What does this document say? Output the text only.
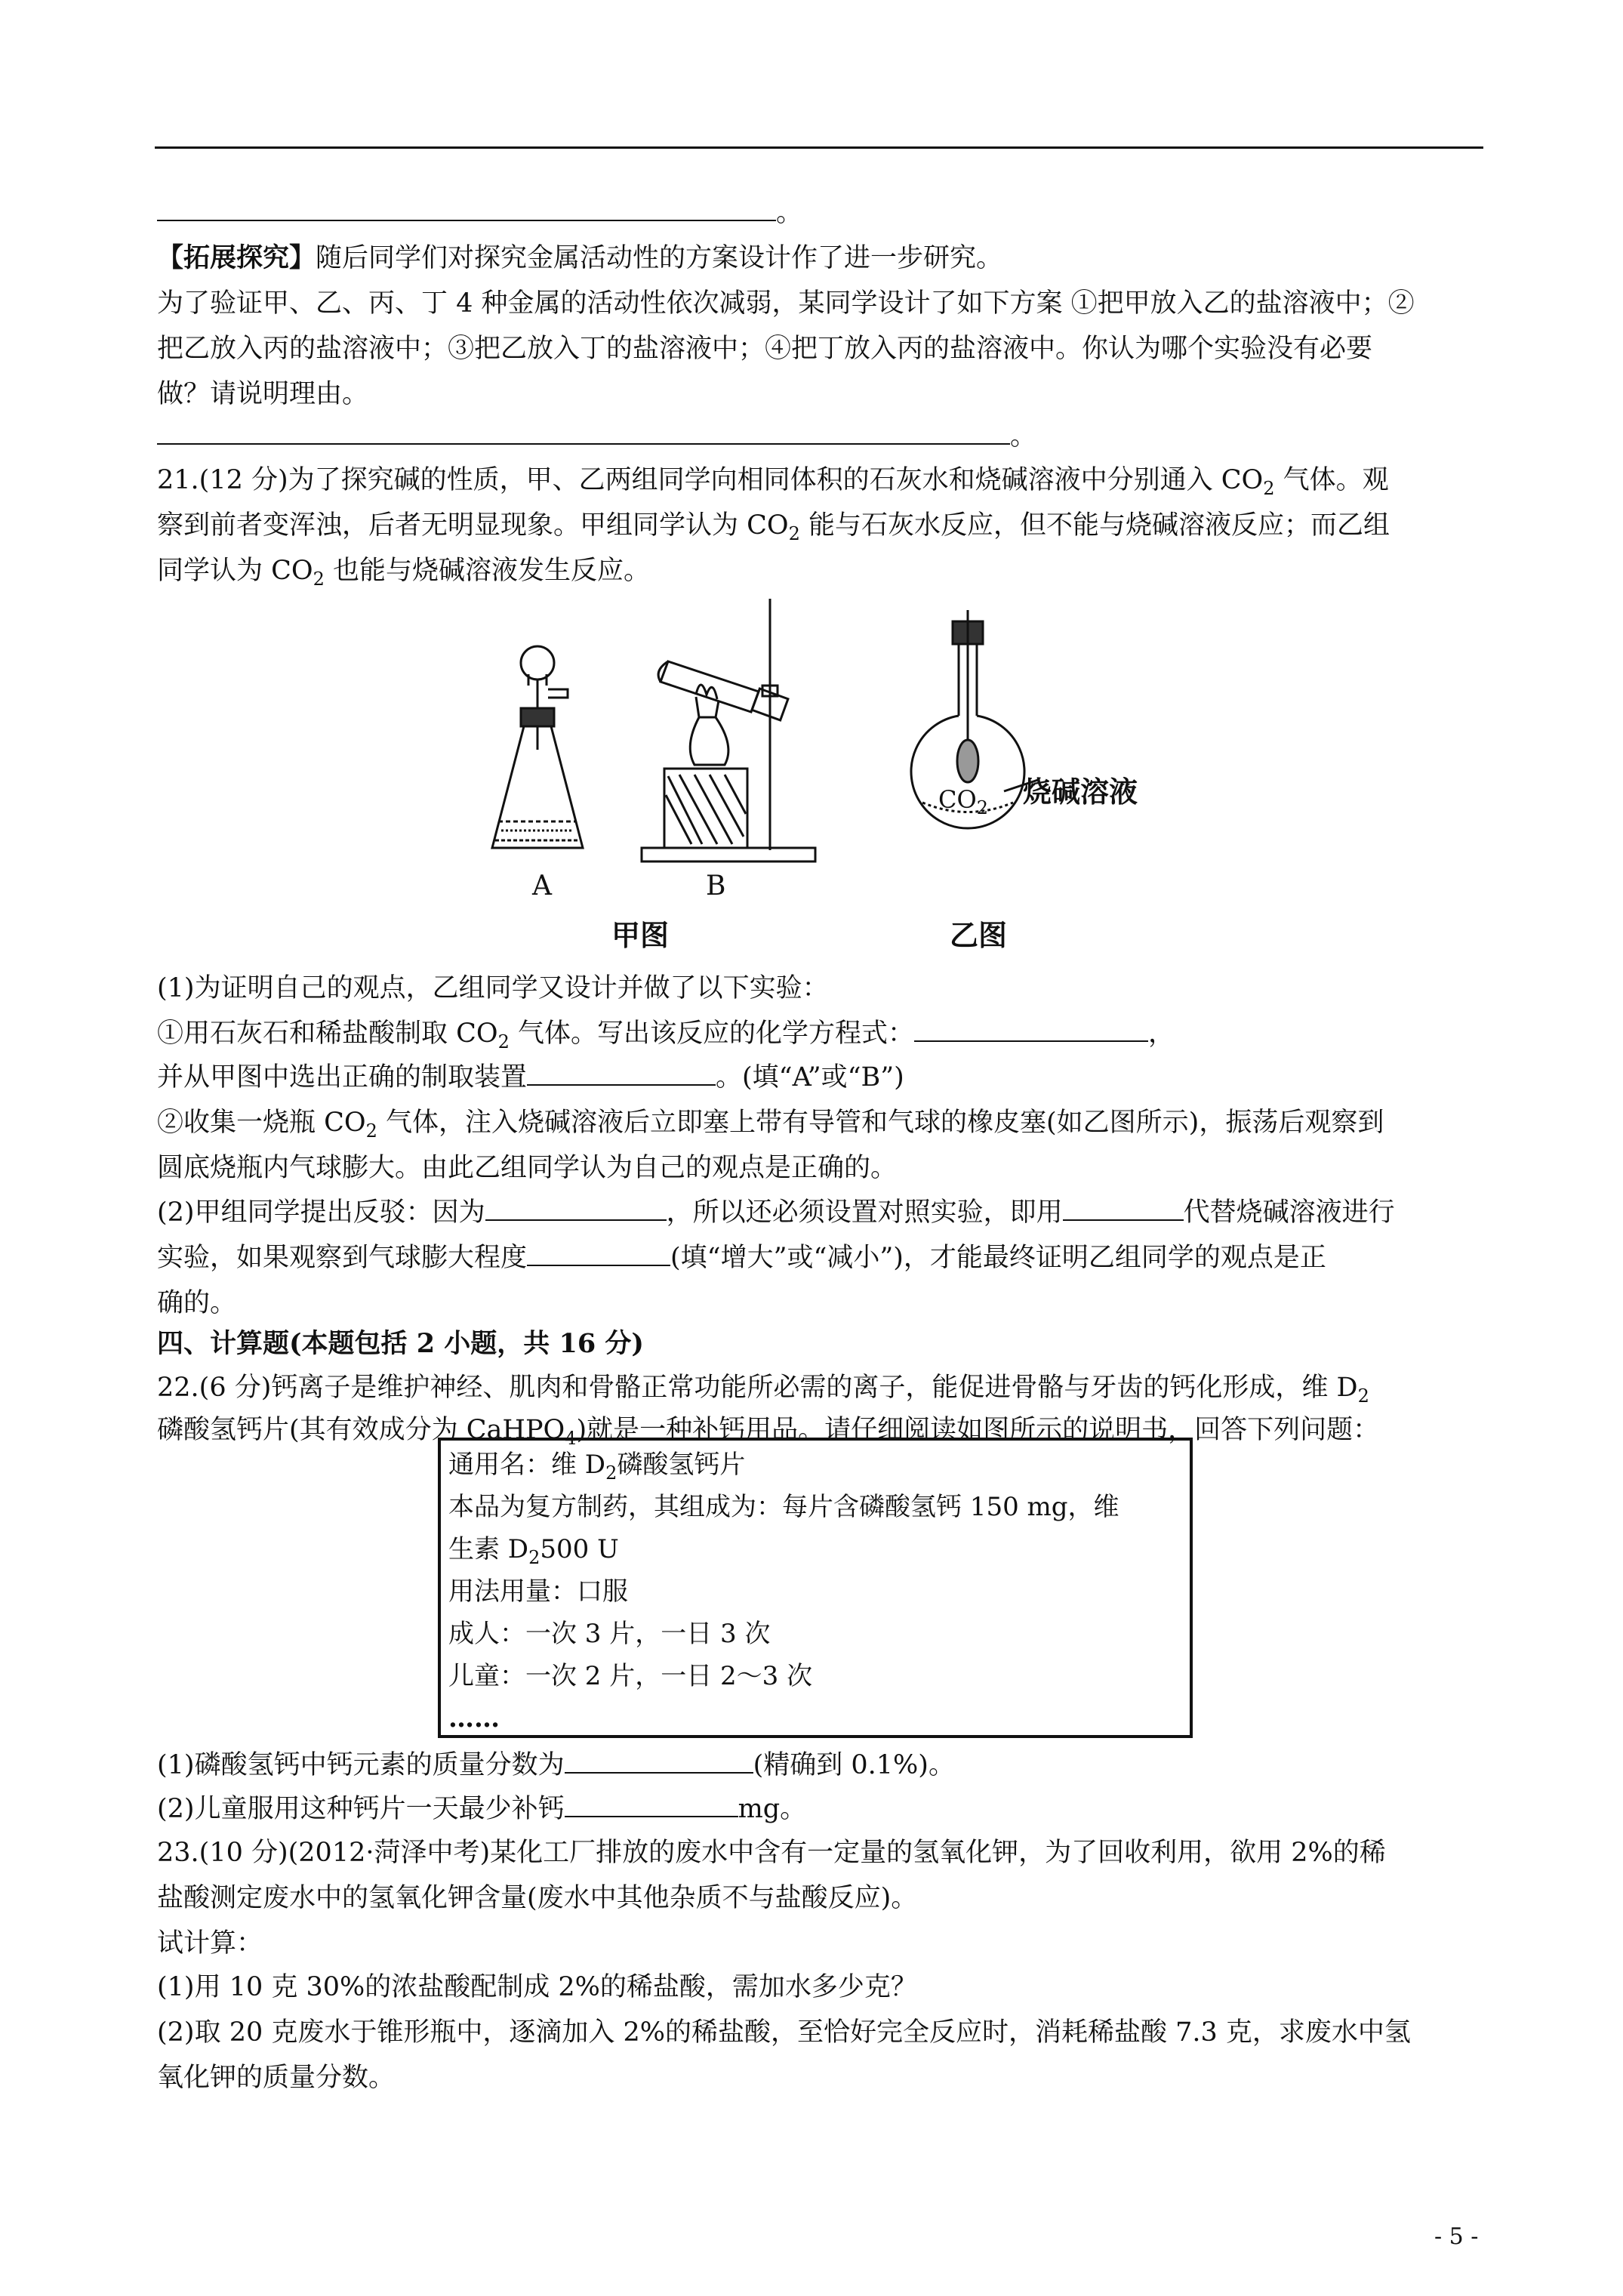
。
【拓展探究】随后同学们对探究金属活动性的方案设计作了进一步研究。
为了验证甲、乙、丙、丁 4 种金属的活动性依次减弱，某同学设计了如下方案 ①把甲放入乙的盐溶液中；②
把乙放入丙的盐溶液中；③把乙放入丁的盐溶液中；④把丁放入丙的盐溶液中。你认为哪个实验没有必要
做？请说明理由。
。
21.(12 分)为了探究碱的性质，甲、乙两组同学向相同体积的石灰水和烧碱溶液中分别通入 $CO_2$ 气体。观
察到前者变浑浊，后者无明显现象。甲组同学认为 $CO_2$ 能与石灰水反应，但不能与烧碱溶液反应；而乙组
同学认为 $CO_2$ 也能与烧碱溶液发生反应。
A	B
$CO_2$ 烧碱溶液
甲图	乙图
(1)为证明自己的观点，乙组同学又设计并做了以下实验：
①用石灰石和稀盐酸制取 $CO_2$ 气体。写出该反应的化学方程式：	，
并从甲图中选出正确的制取装置	。(填“A”或“B”)
②收集一烧瓶 $CO_2$ 气体，注入烧碱溶液后立即塞上带有导管和气球的橡皮塞(如乙图所示)，振荡后观察到
圆底烧瓶内气球膨大。由此乙组同学认为自己的观点是正确的。
(2)甲组同学提出反驳：因为	，所以还必须设置对照实验，即用	代替烧碱溶液进行
实验，如果观察到气球膨大程度	(填“增大”或“减小”)，才能最终证明乙组同学的观点是正
确的。
四、计算题(本题包括 2 小题，共 16 分)
22.(6 分)钙离子是维护神经、肌肉和骨骼正常功能所必需的离子，能促进骨骼与牙齿的钙化形成，维 $D_2$
磷酸氢钙片(其有效成分为 CaHPO$_4$)就是一种补钙用品。请仔细阅读如图所示的说明书，回答下列问题：
通用名：维 $D_2$磷酸氢钙片
本品为复方制药，其组成为：每片含磷酸氢钙 150 mg，维
生素 $D_2500$ U
用法用量：口服
成人：一次 3 片，一日 3 次
儿童：一次 2 片，一日 2～3 次
……
(1)磷酸氢钙中钙元素的质量分数为	(精确到 0.1%)。
(2)儿童服用这种钙片一天最少补钙	mg。
23.(10 分)(2012·菏泽中考)某化工厂排放的废水中含有一定量的氢氧化钾，为了回收利用，欲用 2%的稀
盐酸测定废水中的氢氧化钾含量(废水中其他杂质不与盐酸反应)。
试计算：
(1)用 10 克 30%的浓盐酸配制成 2%的稀盐酸，需加水多少克？
(2)取 20 克废水于锥形瓶中，逐滴加入 2%的稀盐酸，至恰好完全反应时，消耗稀盐酸 7.3 克，求废水中氢
氧化钾的质量分数。
- 5 -
